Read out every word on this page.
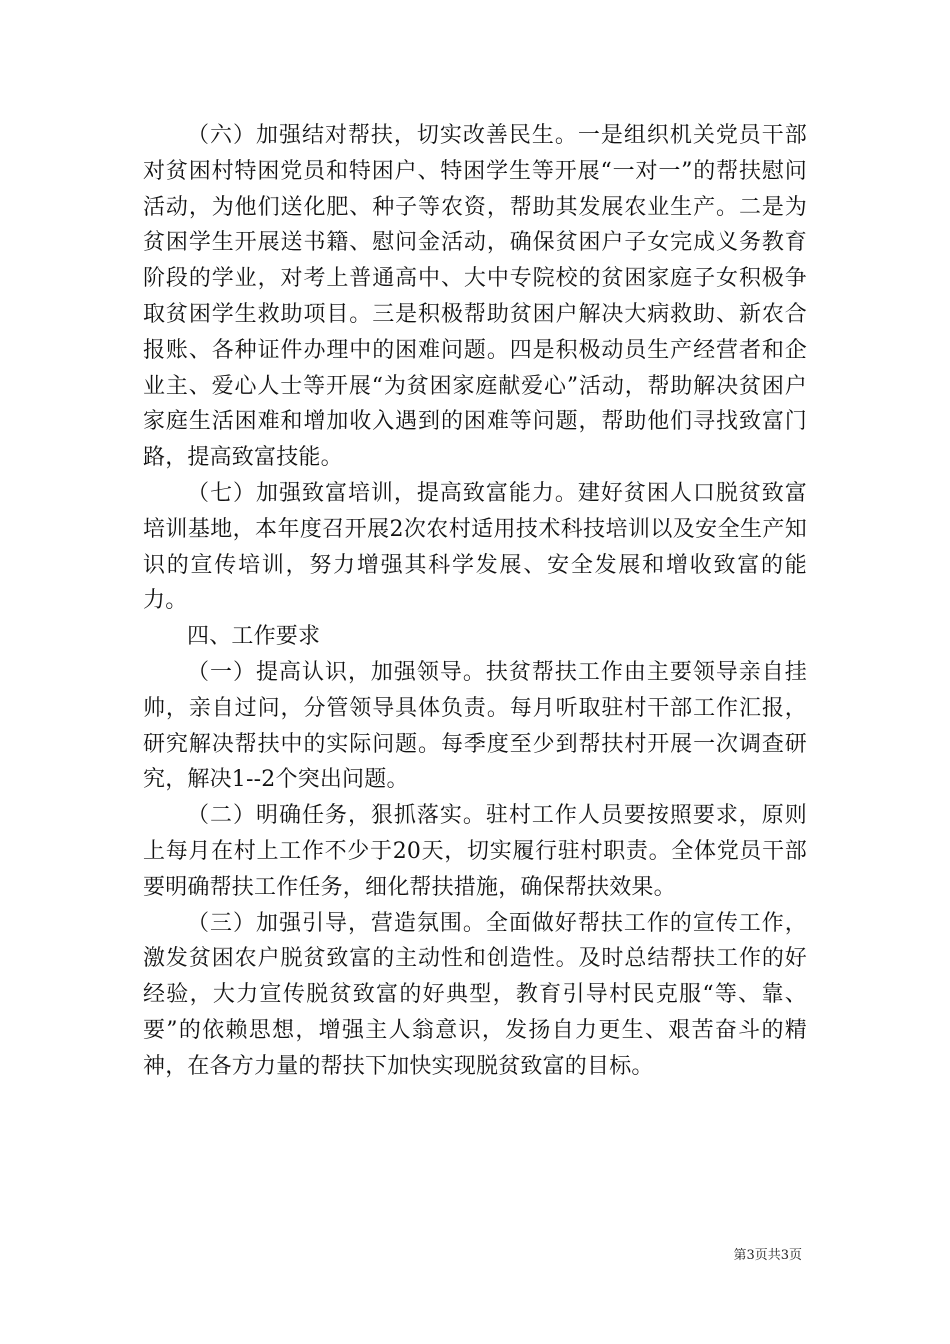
（六）加强结对帮扶，切实改善民生。一是组织机关党员干部对贫困村特困党员和特困户、特困学生等开展“一对一”的帮扶慰问活动，为他们送化肥、种子等农资，帮助其发展农业生产。二是为贫困学生开展送书籍、慰问金活动，确保贫困户子女完成义务教育阶段的学业，对考上普通高中、大中专院校的贫困家庭子女积极争取贫困学生救助项目。三是积极帮助贫困户解决大病救助、新农合报账、各种证件办理中的困难问题。四是积极动员生产经营者和企业主、爱心人士等开展“为贫困家庭献爱心”活动，帮助解决贫困户家庭生活困难和增加收入遇到的困难等问题，帮助他们寻找致富门路，提高致富技能。

（七）加强致富培训，提高致富能力。建好贫困人口脱贫致富培训基地，本年度召开展2次农村适用技术科技培训以及安全生产知识的宣传培训，努力增强其科学发展、安全发展和增收致富的能力。

四、工作要求

（一）提高认识，加强领导。扶贫帮扶工作由主要领导亲自挂帅，亲自过问，分管领导具体负责。每月听取驻村干部工作汇报，研究解决帮扶中的实际问题。每季度至少到帮扶村开展一次调查研究，解决1--2个突出问题。

（二）明确任务，狠抓落实。驻村工作人员要按照要求，原则上每月在村上工作不少于20天，切实履行驻村职责。全体党员干部要明确帮扶工作任务，细化帮扶措施，确保帮扶效果。

（三）加强引导，营造氛围。全面做好帮扶工作的宣传工作，激发贫困农户脱贫致富的主动性和创造性。及时总结帮扶工作的好经验，大力宣传脱贫致富的好典型，教育引导村民克服“等、靠、要”的依赖思想，增强主人翁意识，发扬自力更生、艰苦奋斗的精神，在各方力量的帮扶下加快实现脱贫致富的目标。

第3页共3页
